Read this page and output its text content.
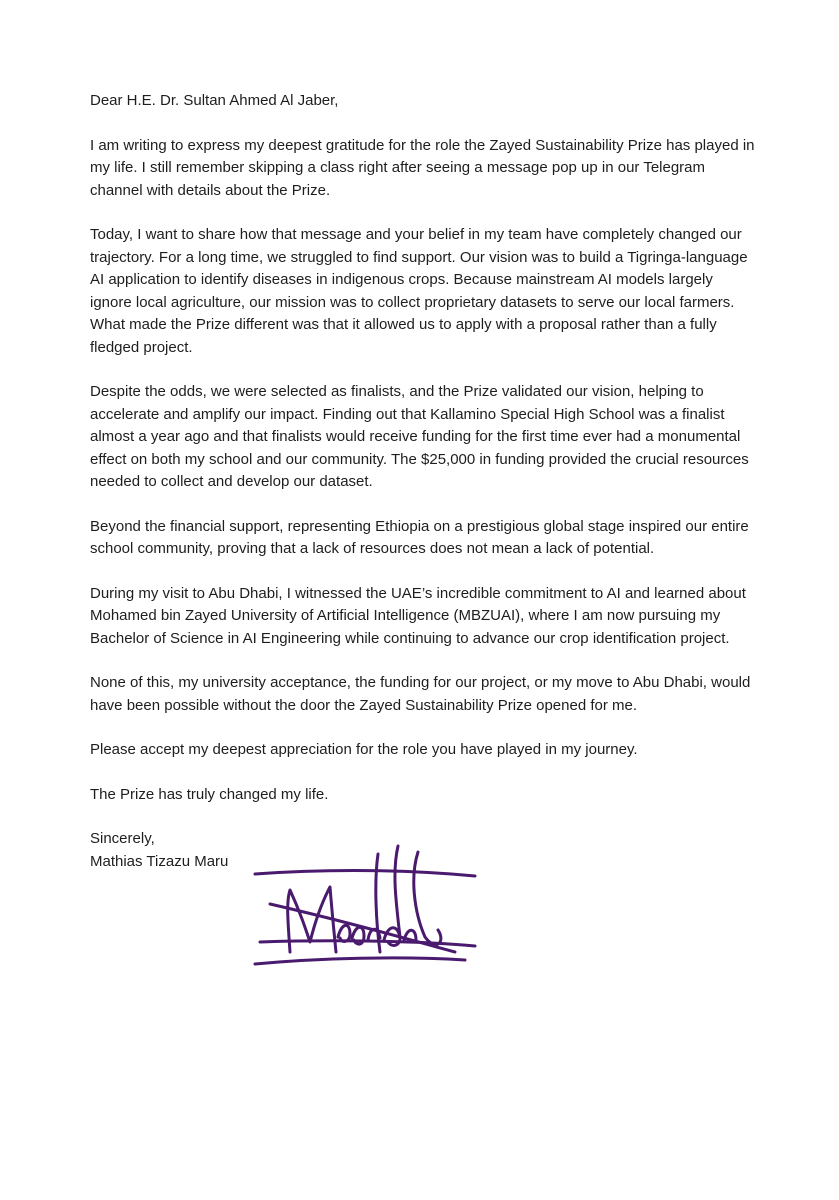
Dear H.E. Dr. Sultan Ahmed Al Jaber,

I am writing to express my deepest gratitude for the role the Zayed Sustainability Prize has played in my life. I still remember skipping a class right after seeing a message pop up in our Telegram channel with details about the Prize.

Today, I want to share how that message and your belief in my team have completely changed our trajectory. For a long time, we struggled to find support. Our vision was to build a Tigringa-language AI application to identify diseases in indigenous crops. Because mainstream AI models largely ignore local agriculture, our mission was to collect proprietary datasets to serve our local farmers. What made the Prize different was that it allowed us to apply with a proposal rather than a fully fledged project.

Despite the odds, we were selected as finalists, and the Prize validated our vision, helping to accelerate and amplify our impact. Finding out that Kallamino Special High School was a finalist almost a year ago and that finalists would receive funding for the first time ever had a monumental effect on both my school and our community. The $25,000 in funding provided the crucial resources needed to collect and develop our dataset.

Beyond the financial support, representing Ethiopia on a prestigious global stage inspired our entire school community, proving that a lack of resources does not mean a lack of potential.

During my visit to Abu Dhabi, I witnessed the UAE’s incredible commitment to AI and learned about Mohamed bin Zayed University of Artificial Intelligence (MBZUAI), where I am now pursuing my Bachelor of Science in AI Engineering while continuing to advance our crop identification project.

None of this, my university acceptance, the funding for our project, or my move to Abu Dhabi, would have been possible without the door the Zayed Sustainability Prize opened for me.

Please accept my deepest appreciation for the role you have played in my journey.

The Prize has truly changed my life.

Sincerely,

Mathias Tizazu Maru
